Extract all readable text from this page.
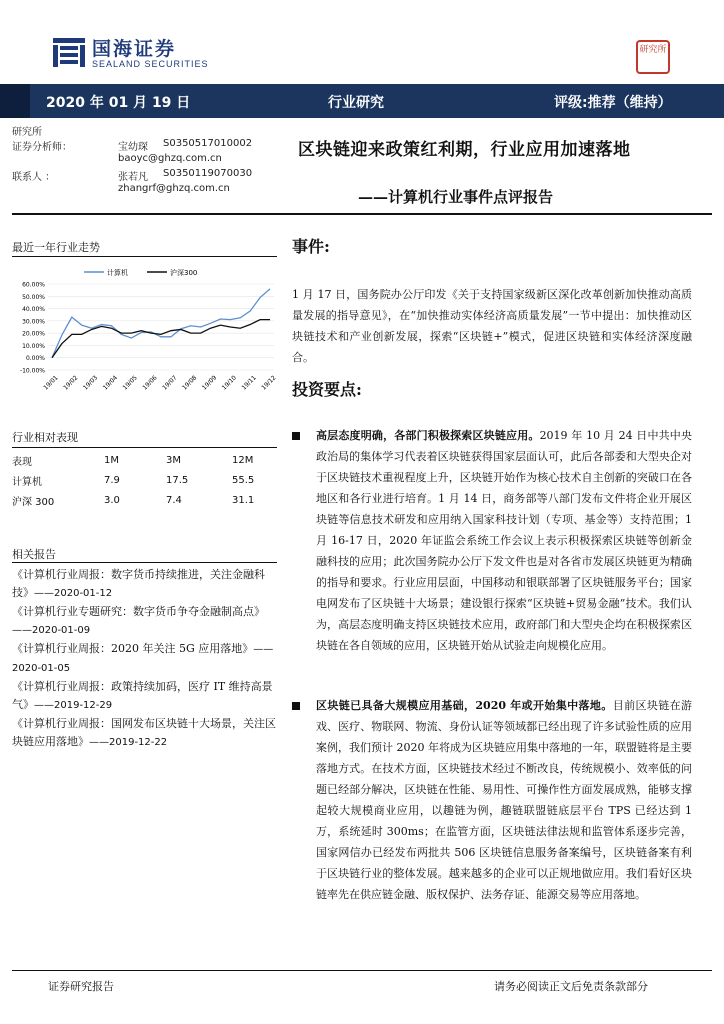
国海证券
SEALAND SECURITIES
研究所
2020 年 01 月 19 日	行业研究	评级:推荐（维持）
研究所
证券分析师：	宝幼琛 S0350517010002
baoyc@ghzq.com.cn
联系人 ：	张若凡 S0350119070030
zhangrf@ghzq.com.cn
区块链迎来政策红利期，行业应用加速落地
——计算机行业事件点评报告
最近一年行业走势
60.00%
50.00%
40.00%
30.00%
20.00%
10.00%
0.00%
-10.00%
19/01 19/02 19/03 19/04 19/05 19/06 19/07 19/08 19/09 19/10 19/11 19/12
计算机	沪深300
行业相对表现
表现	1M	3M	12M
计算机	7.9	17.5	55.5
沪深 300	3.0	7.4	31.1
相关报告
《计算机行业周报：数字货币持续推进，关注金融科技》——2020-01-12
《计算机行业专题研究：数字货币争夺金融制高点》——2020-01-09
《计算机行业周报：2020 年关注 5G 应用落地》——2020-01-05
《计算机行业周报：政策持续加码，医疗 IT 维持高景气》——2019-12-29
《计算机行业周报：国网发布区块链十大场景，关注区块链应用落地》——2019-12-22
事件:
1 月 17 日，国务院办公厅印发《关于支持国家级新区深化改革创新加快推动高质量发展的指导意见》，在“加快推动实体经济高质量发展”一节中提出：加快推动区块链技术和产业创新发展，探索“区块链+”模式，促进区块链和实体经济深度融合。
投资要点:
高层态度明确，各部门积极探索区块链应用。2019 年 10 月 24 日中共中央政治局的集体学习代表着区块链获得国家层面认可，此后各部委和大型央企对于区块链技术重视程度上升，区块链开始作为核心技术自主创新的突破口在各地区和各行业进行培育。1 月 14 日，商务部等八部门发布文件将企业开展区块链等信息技术研发和应用纳入国家科技计划（专项、基金等）支持范围；1 月 16-17 日，2020 年证监会系统工作会议上表示积极探索区块链等创新金融科技的应用；此次国务院办公厅下发文件也是对各省市发展区块链更为精确的指导和要求。行业应用层面，中国移动和银联部署了区块链服务平台；国家电网发布了区块链十大场景；建设银行探索“区块链+贸易金融”技术。我们认为，高层态度明确支持区块链技术应用，政府部门和大型央企均在积极探索区块链在各自领域的应用，区块链开始从试验走向规模化应用。
区块链已具备大规模应用基础，2020 年或开始集中落地。目前区块链在游戏、医疗、物联网、物流、身份认证等领域都已经出现了许多试验性质的应用案例，我们预计 2020 年将成为区块链应用集中落地的一年，联盟链将是主要落地方式。在技术方面，区块链技术经过不断改良，传统规模小、效率低的问题已经部分解决，区块链在性能、易用性、可操作性方面发展成熟，能够支撑起较大规模商业应用，以趣链为例，趣链联盟链底层平台 TPS 已经达到 1 万，系统延时 300ms；在监管方面，区块链法律法规和监管体系逐步完善，国家网信办已经发布两批共 506 区块链信息服务备案编号，区块链备案有利于区块链行业的整体发展。越来越多的企业可以正规地做应用。我们看好区块链率先在供应链金融、版权保护、法务存证、能源交易等应用落地。
证券研究报告	请务必阅读正文后免责条款部分
